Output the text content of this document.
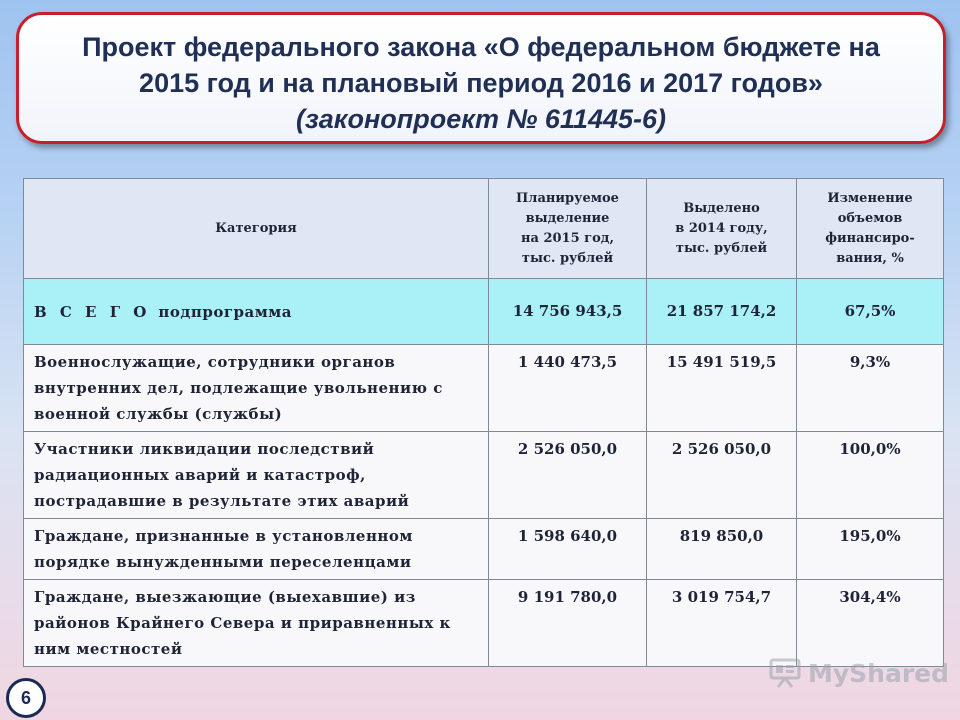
Проект федерального закона «О федеральном бюджете на

2015 год и на плановый период 2016 и 2017 годов»

(законопроект № 611445-6)

Категория	Планируемое
выделение
на 2015 год,
тыс. рублей	Выделено
в 2014 году,
тыс. рублей	Изменение
объемов
финансиро-
вания, %
В С Е Г О подпрограмма	14 756 943,5	21 857 174,2	67,5%
Военнослужащие, сотрудники органов
внутренних дел, подлежащие увольнению с
военной службы (службы)	1 440 473,5	15 491 519,5	9,3%
Участники ликвидации последствий
радиационных аварий и катастроф,
пострадавшие в результате этих аварий	2 526 050,0	2 526 050,0	100,0%
Граждане, признанные в установленном
порядке вынужденными переселенцами	1 598 640,0	819 850,0	195,0%
Граждане, выезжающие (выехавшие) из
районов Крайнего Севера и приравненных к
ним местностей	9 191 780,0	3 019 754,7	304,4%
6
MyShared
